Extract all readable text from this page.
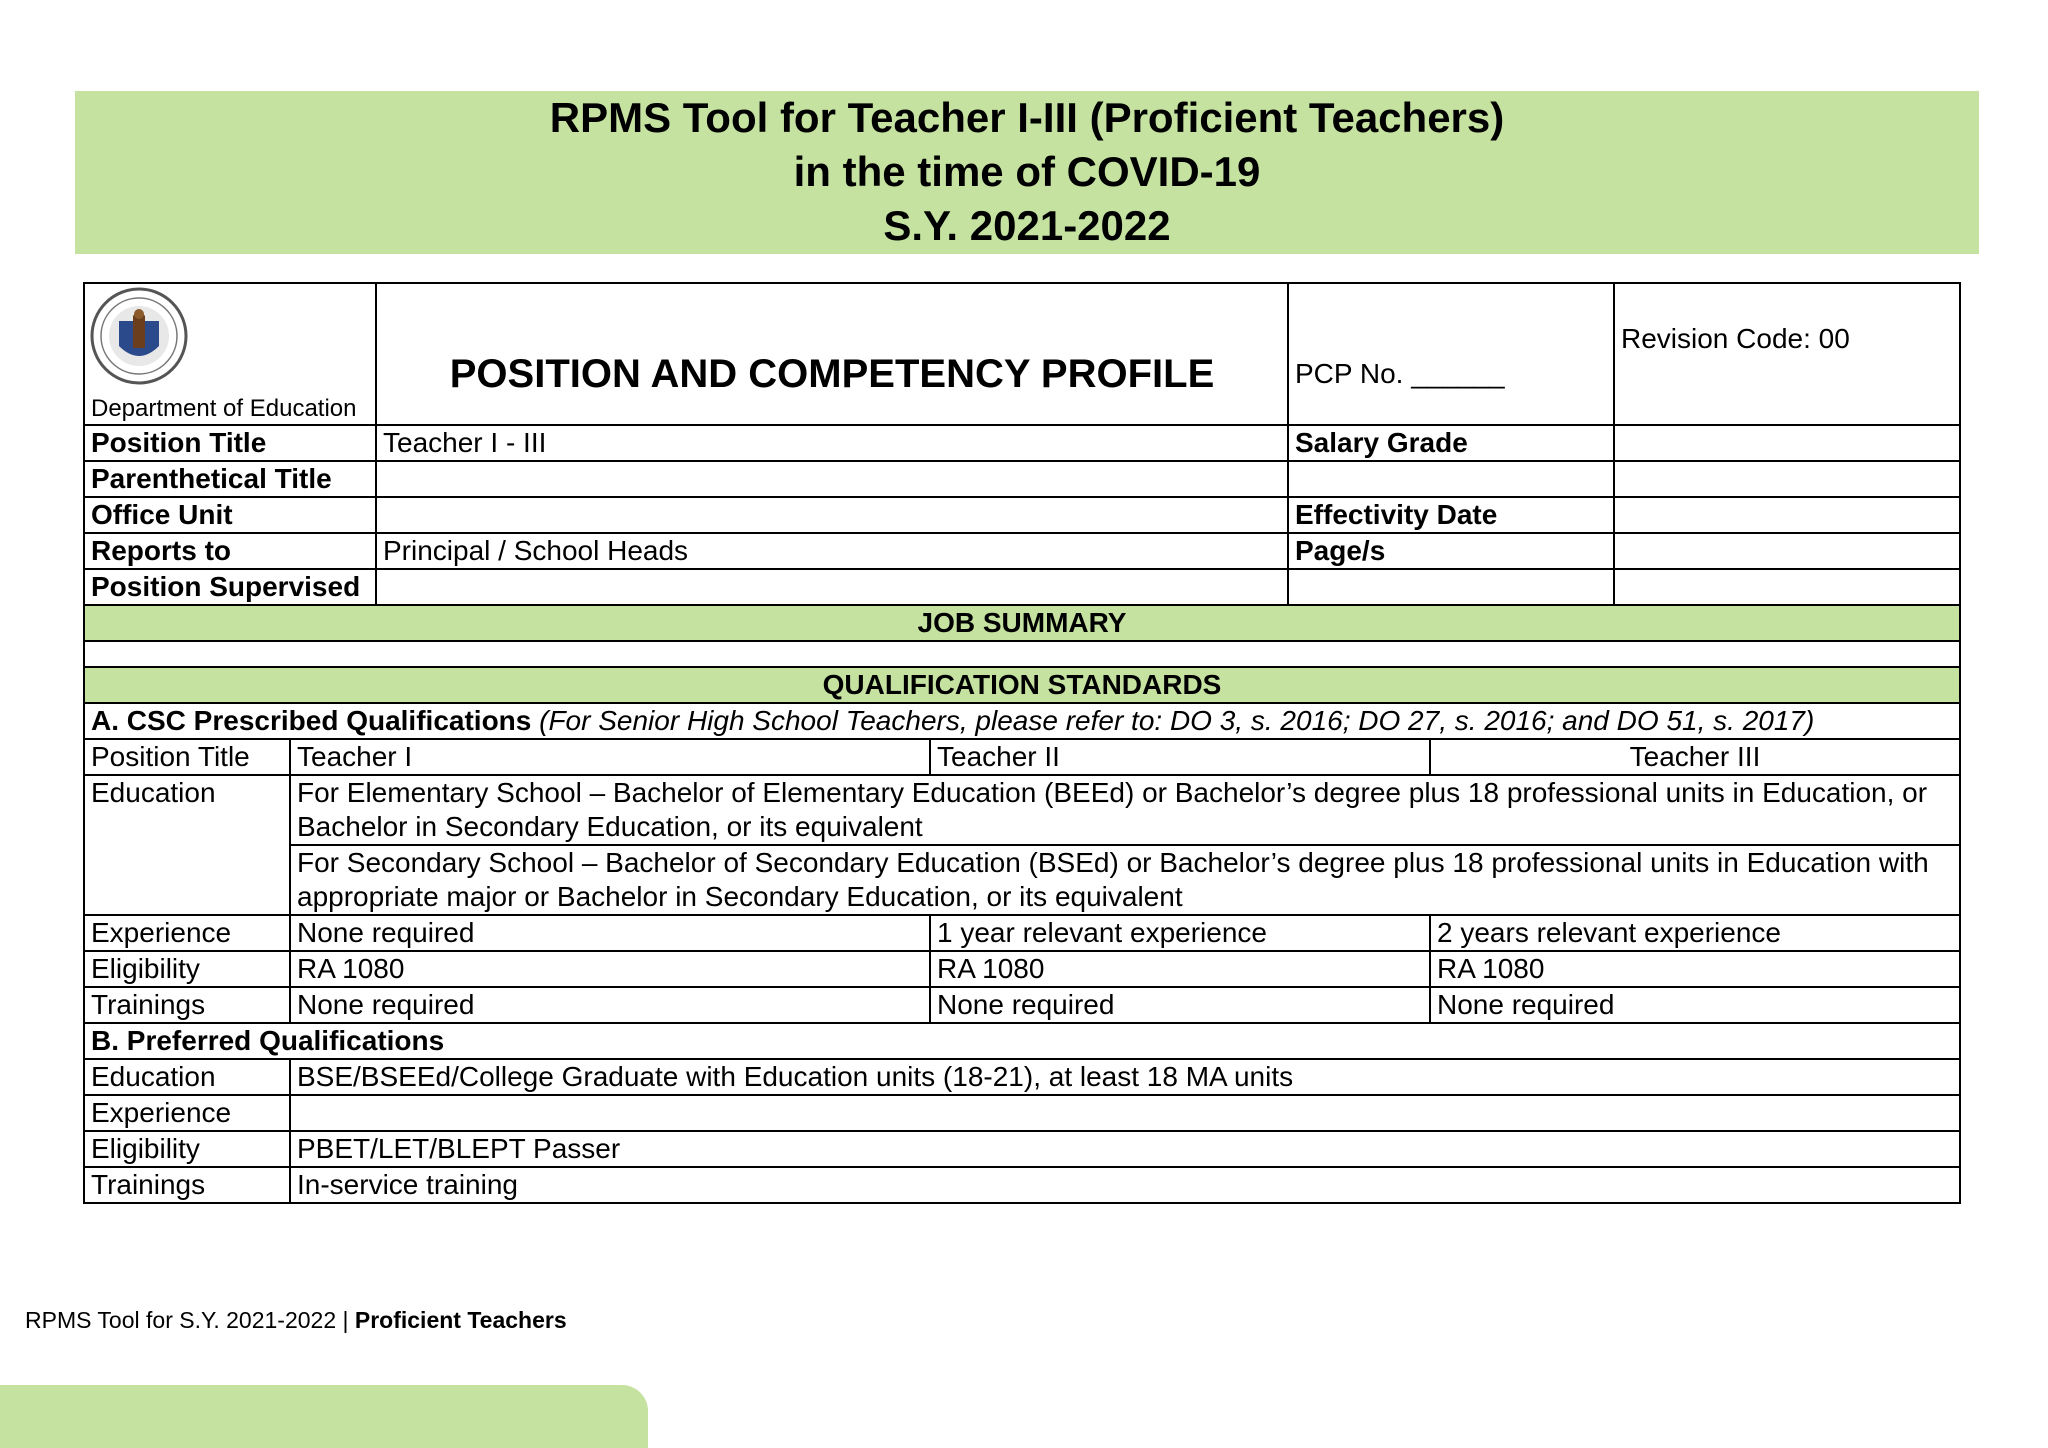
RPMS Tool for Teacher I-III (Proficient Teachers)
in the time of COVID-19
S.Y. 2021-2022
Department of Education	POSITION AND COMPETENCY PROFILE	PCP No. ______	Revision Code: 00
Position Title	Teacher I - III	Salary Grade	
Parenthetical Title			
Office Unit		Effectivity Date	
Reports to	Principal / School Heads	Page/s	
Position Supervised			
JOB SUMMARY			

QUALIFICATION STANDARDS			
A. CSC Prescribed Qualifications (For Senior High School Teachers, please refer to: DO 3, s. 2016; DO 27, s. 2016; and DO 51, s. 2017)			
Position Title	Teacher I	Teacher II	Teacher III
Education	For Elementary School – Bachelor of Elementary Education (BEEd) or Bachelor’s degree plus 18 professional units in Education, or Bachelor in Secondary Education, or its equivalent		
	For Secondary School – Bachelor of Secondary Education (BSEd) or Bachelor’s degree plus 18 professional units in Education with appropriate major or Bachelor in Secondary Education, or its equivalent		
Experience	None required	1 year relevant experience	2 years relevant experience
Eligibility	RA 1080	RA 1080	RA 1080
Trainings	None required	None required	None required
B. Preferred Qualifications			
Education	BSE/BSEEd/College Graduate with Education units (18-21), at least 18 MA units		
Experience			
Eligibility	PBET/LET/BLEPT Passer		
Trainings	In-service training		
RPMS Tool for S.Y. 2021-2022 | Proficient Teachers
